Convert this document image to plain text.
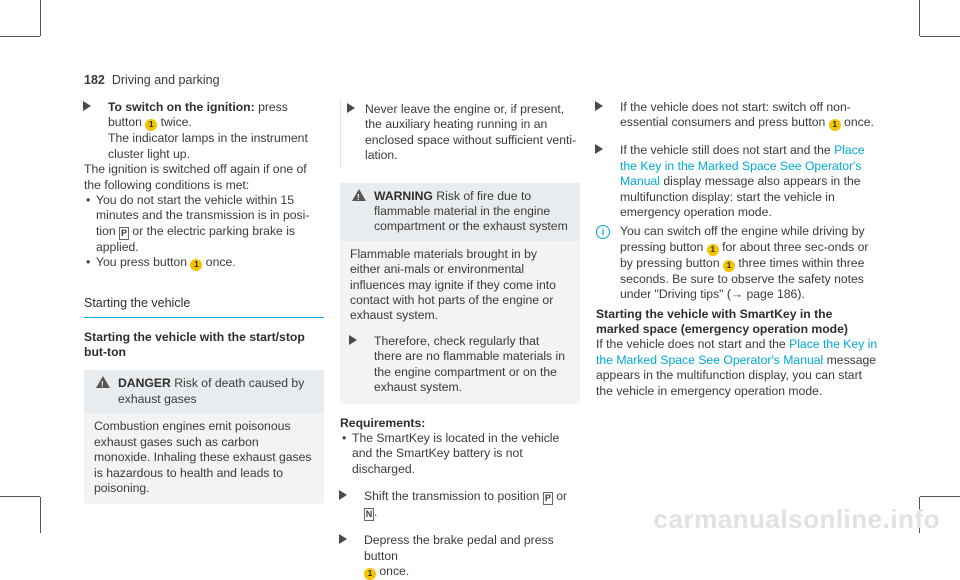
182 Driving and parking
To switch on the ignition: press button 1 twice.
The indicator lamps in the instrument cluster light up.
The ignition is switched off again if one of the following conditions is met:
• You do not start the vehicle within 15 minutes and the transmission is in posi-tion P or the electric parking brake is applied.
• You press button 1 once.
Starting the vehicle
Starting the vehicle with the start/stop but-ton
!
DANGER Risk of death caused by exhaust gases
Combustion engines emit poisonous exhaust gases such as carbon monoxide. Inhaling these exhaust gases is hazardous to health and leads to poisoning.
Never leave the engine or, if present, the auxiliary heating running in an enclosed space without sufficient venti-lation.
!
WARNING Risk of fire due to flammable material in the engine compartment or the exhaust system
Flammable materials brought in by either ani-mals or environmental influences may ignite if they come into contact with hot parts of the engine or exhaust system.
Therefore, check regularly that there are no flammable materials in the engine compartment or on the exhaust system.
Requirements:
• The SmartKey is located in the vehicle and the SmartKey battery is not discharged.
Shift the transmission to position P or N .
Depress the brake pedal and press button
1 once.
If the vehicle does not start: switch off non-essential consumers and press button 1 once.
If the vehicle still does not start and the Place the Key in the Marked Space See Operator's Manual display message also appears in the multifunction display: start the vehicle in emergency operation mode.
i	You can switch off the engine while driving by pressing button 1 for about three sec-onds or by pressing button 1 three times within three seconds. Be sure to observe the safety notes under "Driving tips" (→ page 186).
Starting the vehicle with SmartKey in the marked space (emergency operation mode)
If the vehicle does not start and the Place the Key in the Marked Space See Operator's Manual message appears in the multifunction display, you can start the vehicle in emergency operation mode.
carmanualsonline.info
